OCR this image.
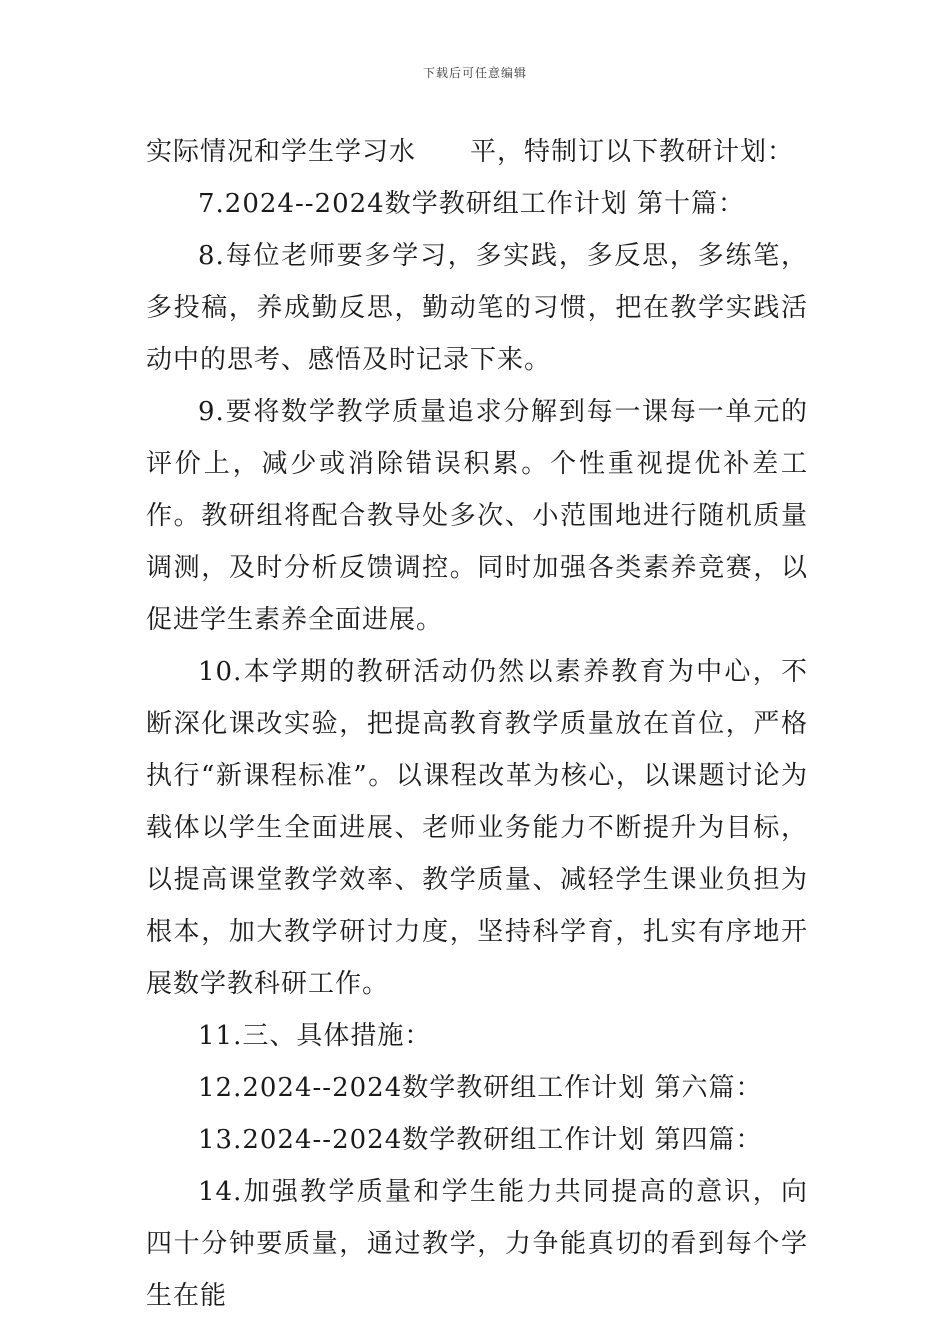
下载后可任意编辑

实际情况和学生学习水　　平，特制订以下教研计划：

7.2024--2024数学教研组工作计划 第十篇：

8.每位老师要多学习，多实践，多反思，多练笔，多投稿，养成勤反思，勤动笔的习惯，把在教学实践活动中的思考、感悟及时记录下来。

9.要将数学教学质量追求分解到每一课每一单元的评价上，减少或消除错误积累。个性重视提优补差工作。教研组将配合教导处多次、小范围地进行随机质量调测，及时分析反馈调控。同时加强各类素养竞赛，以促进学生素养全面进展。

10.本学期的教研活动仍然以素养教育为中心，不断深化课改实验，把提高教育教学质量放在首位，严格执行“新课程标准”。以课程改革为核心，以课题讨论为载体以学生全面进展、老师业务能力不断提升为目标，以提高课堂教学效率、教学质量、减轻学生课业负担为根本，加大教学研讨力度，坚持科学育，扎实有序地开展数学教科研工作。

11.三、具体措施：

12.2024--2024数学教研组工作计划 第六篇：

13.2024--2024数学教研组工作计划 第四篇：

14.加强教学质量和学生能力共同提高的意识，向四十分钟要质量，通过教学，力争能真切的看到每个学生在能
